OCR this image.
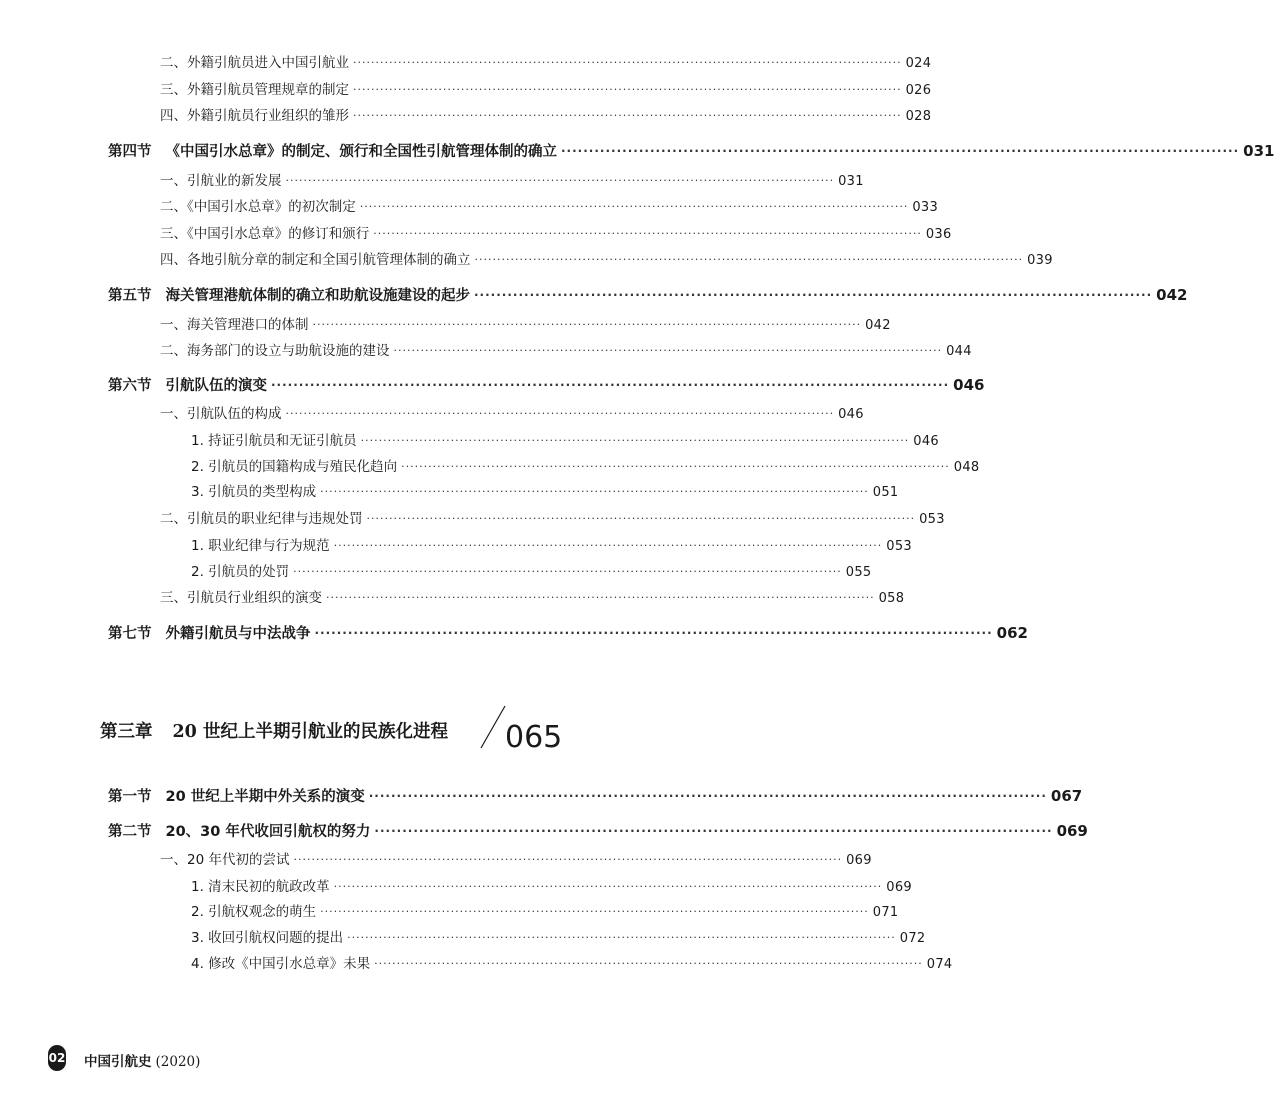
二、外籍引航员进入中国引航业 ·························································································································· 024
三、外籍引航员管理规章的制定 ·························································································································· 026
四、外籍引航员行业组织的雏形 ·························································································································· 028
第四节 《中国引水总章》的制定、颁行和全国性引航管理体制的确立 ·························································································································· 031
一、引航业的新发展 ·························································································································· 031
二、《中国引水总章》的初次制定 ·························································································································· 033
三、《中国引水总章》的修订和颁行 ·························································································································· 036
四、各地引航分章的制定和全国引航管理体制的确立 ·························································································································· 039
第五节 海关管理港航体制的确立和助航设施建设的起步 ·························································································································· 042
一、海关管理港口的体制 ·························································································································· 042
二、海务部门的设立与助航设施的建设 ·························································································································· 044
第六节 引航队伍的演变 ·························································································································· 046
一、引航队伍的构成 ·························································································································· 046
1. 持证引航员和无证引航员 ·························································································································· 046
2. 引航员的国籍构成与殖民化趋向 ·························································································································· 048
3. 引航员的类型构成 ·························································································································· 051
二、引航员的职业纪律与违规处罚 ·························································································································· 053
1. 职业纪律与行为规范 ·························································································································· 053
2. 引航员的处罚 ·························································································································· 055
三、引航员行业组织的演变 ·························································································································· 058
第七节 外籍引航员与中法战争 ·························································································································· 062
第三章 20 世纪上半期引航业的民族化进程 065
第一节 20 世纪上半期中外关系的演变 ·························································································································· 067
第二节 20、30 年代收回引航权的努力 ·························································································································· 069
一、20 年代初的尝试 ·························································································································· 069
1. 清末民初的航政改革 ·························································································································· 069
2. 引航权观念的萌生 ·························································································································· 071
3. 收回引航权问题的提出 ·························································································································· 072
4. 修改《中国引水总章》未果 ·························································································································· 074
02 中国引航史 (2020)
